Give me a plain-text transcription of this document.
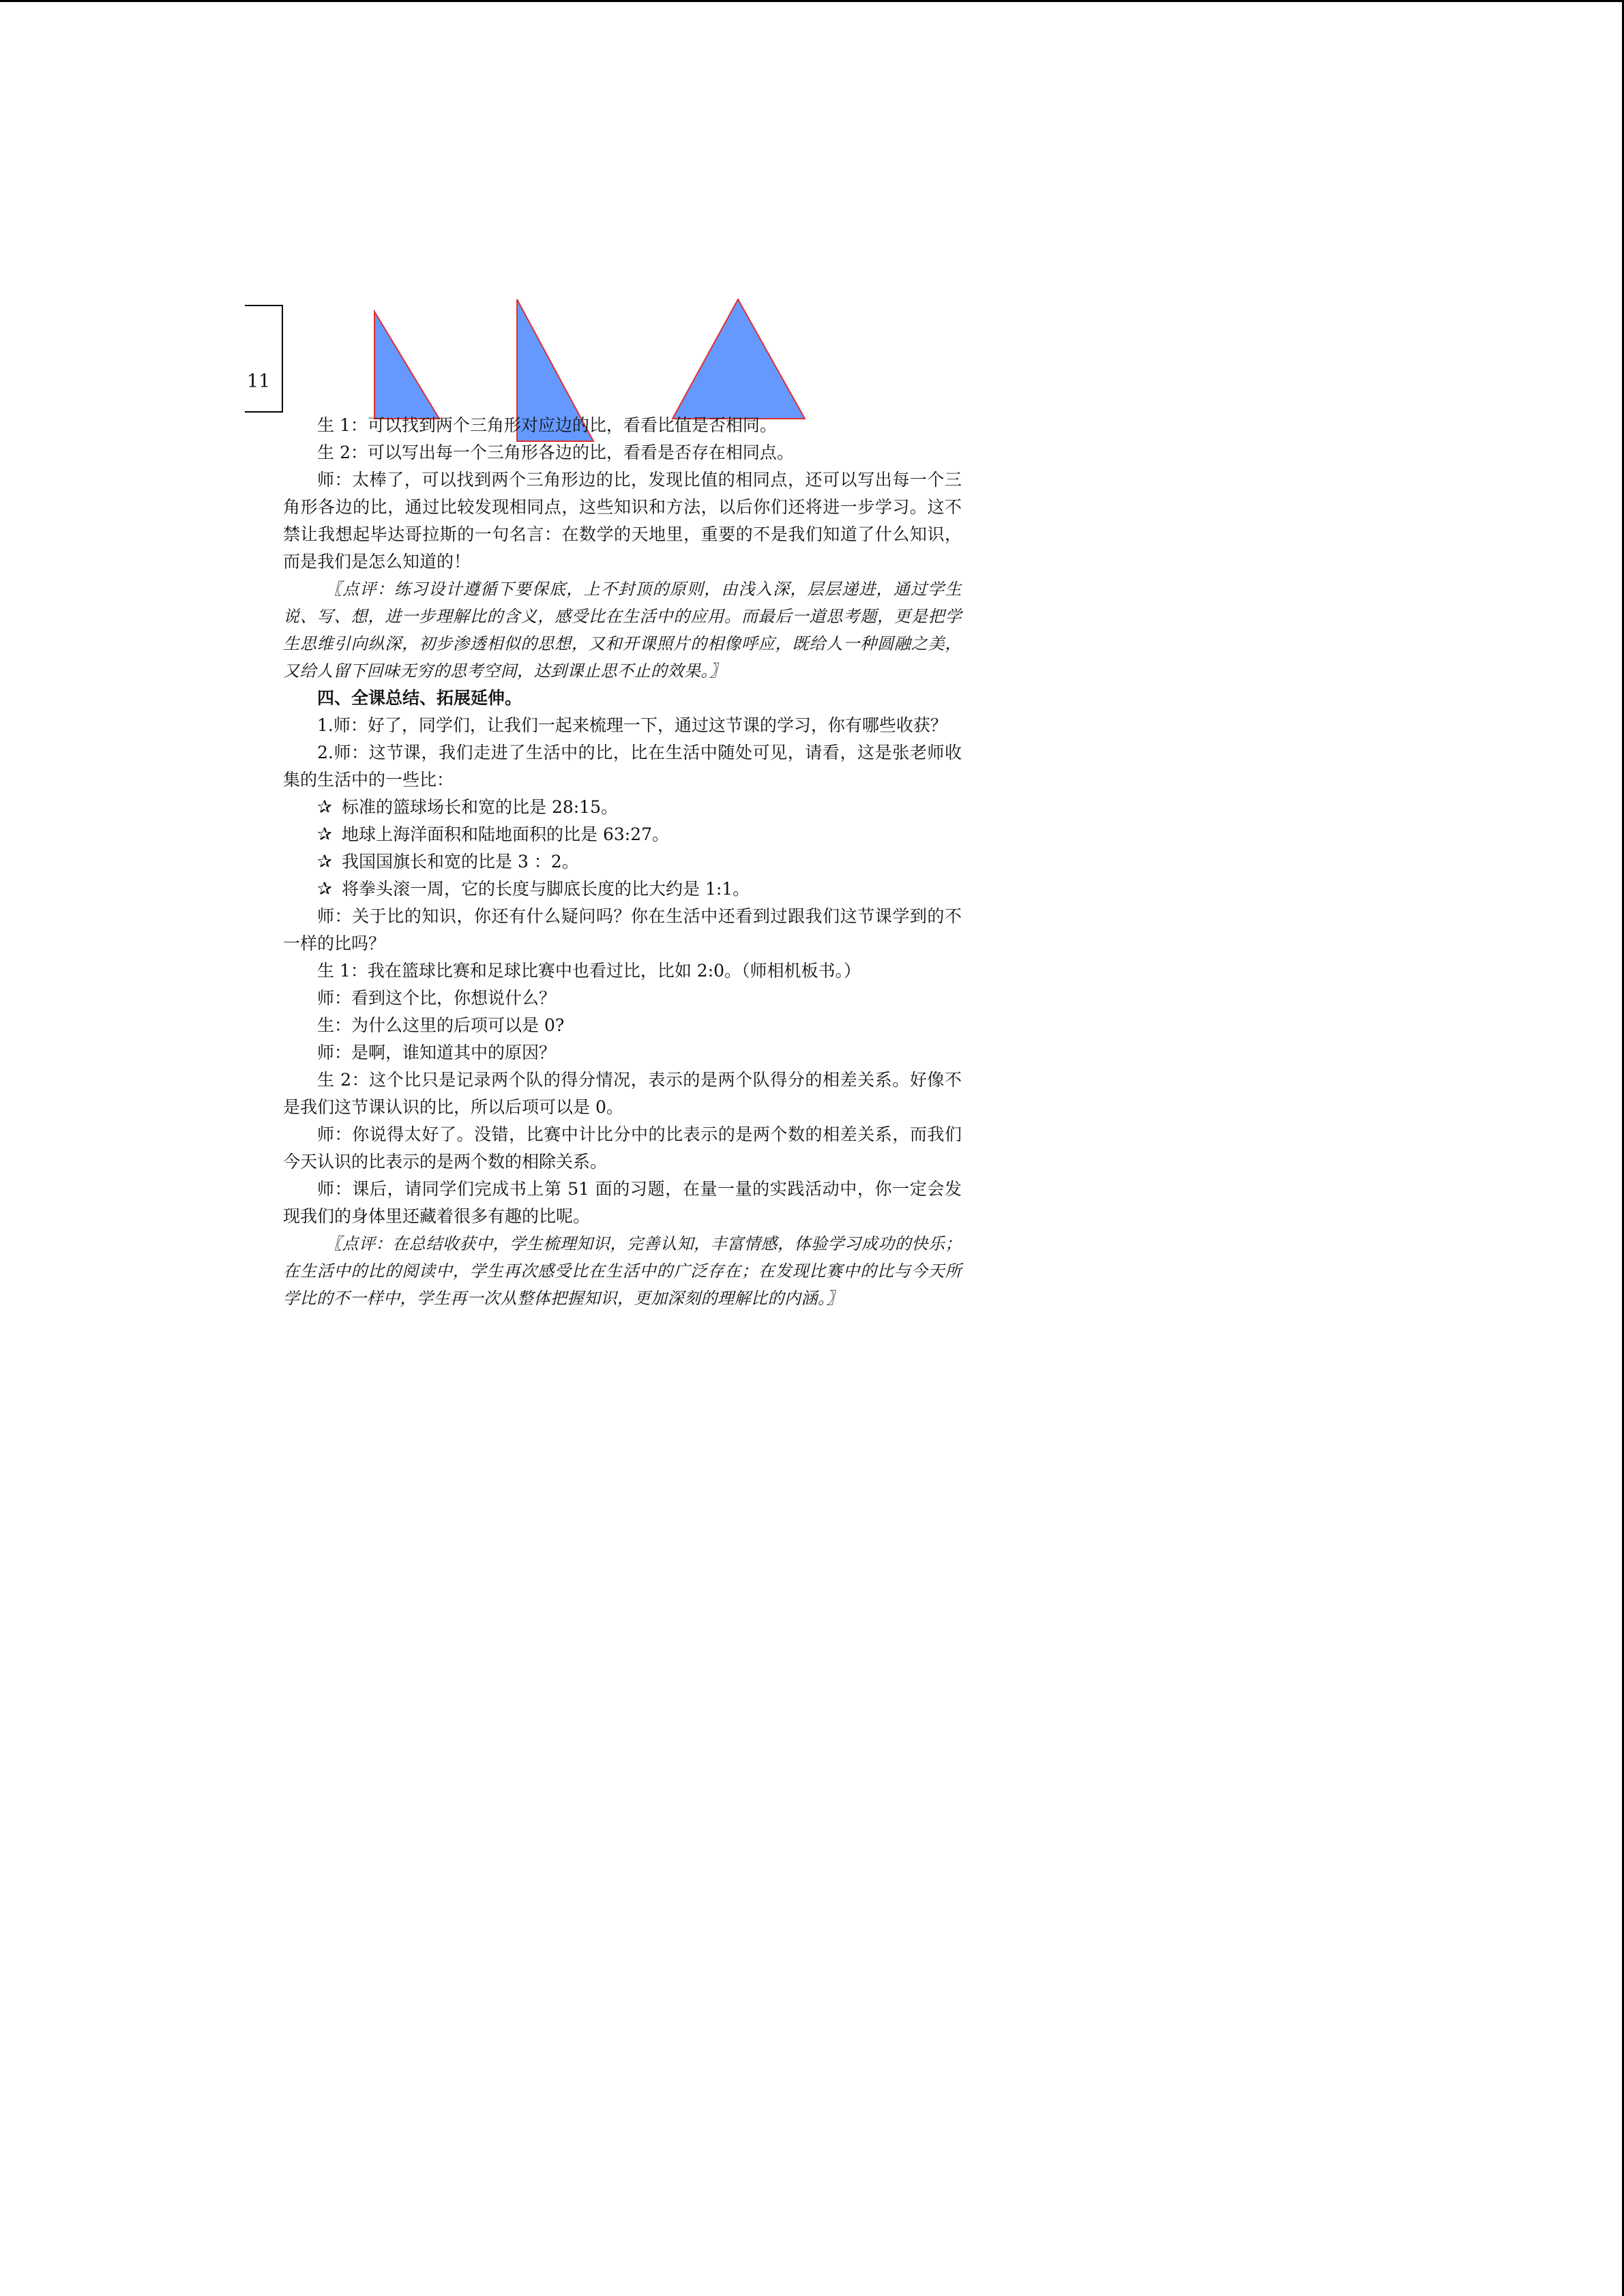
11

生 1：可以找到两个三角形对应边的比，看看比值是否相同。

生 2：可以写出每一个三角形各边的比，看看是否存在相同点。

师：太棒了，可以找到两个三角形边的比，发现比值的相同点，还可以写出每一个三角形各边的比，通过比较发现相同点，这些知识和方法，以后你们还将进一步学习。这不禁让我想起毕达哥拉斯的一句名言：在数学的天地里，重要的不是我们知道了什么知识，而是我们是怎么知道的！

〖点评：练习设计遵循下要保底，上不封顶的原则，由浅入深，层层递进，通过学生说、写、想，进一步理解比的含义，感受比在生活中的应用。而最后一道思考题，更是把学生思维引向纵深，初步渗透相似的思想，又和开课照片的相像呼应，既给人一种圆融之美，又给人留下回味无穷的思考空间，达到课止思不止的效果。〗

四、全课总结、拓展延伸。

1.师：好了，同学们，让我们一起来梳理一下，通过这节课的学习，你有哪些收获？

2.师：这节课，我们走进了生活中的比，比在生活中随处可见，请看，这是张老师收集的生活中的一些比：

✰ 标准的篮球场长和宽的比是 28:15。

✰ 地球上海洋面积和陆地面积的比是 63:27。

✰ 我国国旗长和宽的比是 3 ：2。

✰ 将拳头滚一周，它的长度与脚底长度的比大约是 1:1。

师：关于比的知识，你还有什么疑问吗？你在生活中还看到过跟我们这节课学到的不一样的比吗？

生 1：我在篮球比赛和足球比赛中也看过比，比如 2:0。（师相机板书。）

师：看到这个比，你想说什么？

生：为什么这里的后项可以是 0?

师：是啊，谁知道其中的原因？

生 2：这个比只是记录两个队的得分情况，表示的是两个队得分的相差关系。好像不是我们这节课认识的比，所以后项可以是 0。

师：你说得太好了。没错，比赛中计比分中的比表示的是两个数的相差关系，而我们今天认识的比表示的是两个数的相除关系。

师：课后，请同学们完成书上第 51 面的习题，在量一量的实践活动中，你一定会发现我们的身体里还藏着很多有趣的比呢。

〖点评：在总结收获中，学生梳理知识，完善认知，丰富情感，体验学习成功的快乐；在生活中的比的阅读中，学生再次感受比在生活中的广泛存在；在发现比赛中的比与今天所学比的不一样中，学生再一次从整体把握知识，更加深刻的理解比的内涵。〗
